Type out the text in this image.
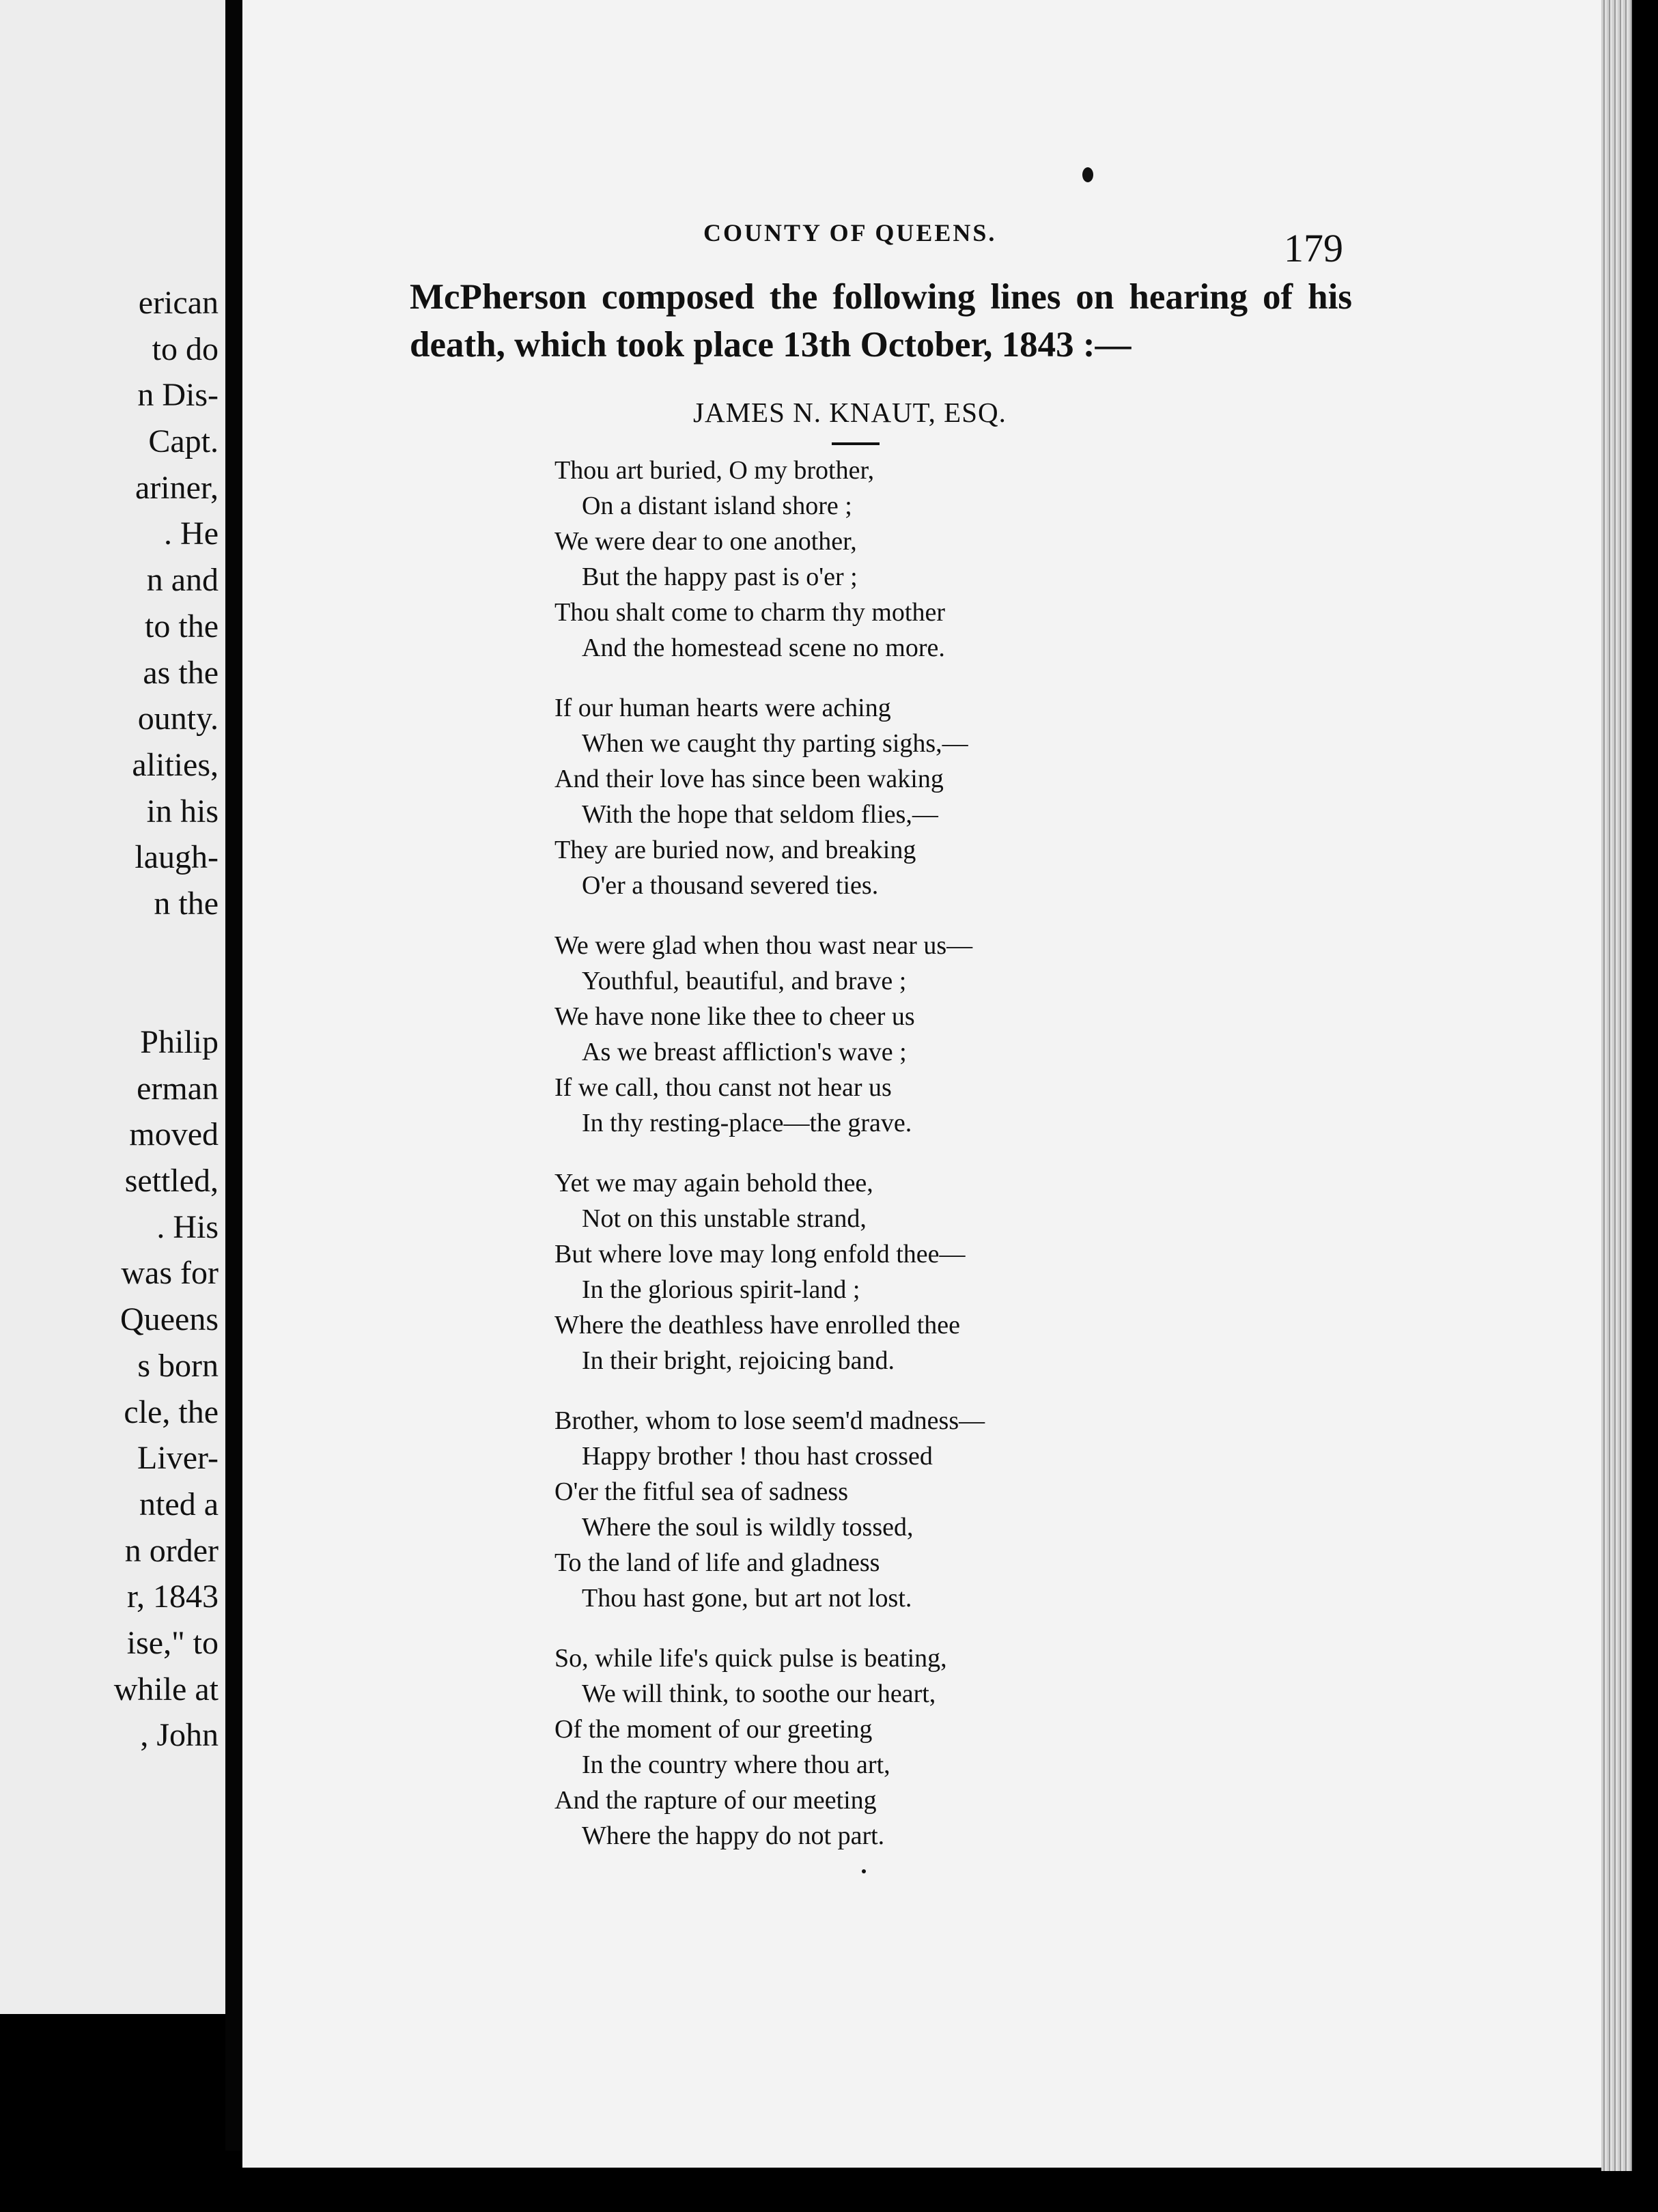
erican
to do
n Dis-
Capt.
ariner,
. He
n and
to the
as the
ounty.
alities,
in his
laugh-
n the
Philip
erman
moved
settled,
. His
was for
Queens
s born
cle, the
Liver-
nted a
n order
r, 1843
ise," to
while at
, John
COUNTY OF QUEENS.	179
McPherson composed the following lines on hearing of his death, which took place 13th October, 1843 :—
JAMES N. KNAUT, ESQ.
Thou art buried, O my brother,
On a distant island shore ;
We were dear to one another,
But the happy past is o'er ;
Thou shalt come to charm thy mother
And the homestead scene no more.
If our human hearts were aching
When we caught thy parting sighs,—
And their love has since been waking
With the hope that seldom flies,—
They are buried now, and breaking
O'er a thousand severed ties.
We were glad when thou wast near us—
Youthful, beautiful, and brave ;
We have none like thee to cheer us
As we breast affliction's wave ;
If we call, thou canst not hear us
In thy resting-place—the grave.
Yet we may again behold thee,
Not on this unstable strand,
But where love may long enfold thee—
In the glorious spirit-land ;
Where the deathless have enrolled thee
In their bright, rejoicing band.
Brother, whom to lose seem'd madness—
Happy brother ! thou hast crossed
O'er the fitful sea of sadness
Where the soul is wildly tossed,
To the land of life and gladness
Thou hast gone, but art not lost.
So, while life's quick pulse is beating,
We will think, to soothe our heart,
Of the moment of our greeting
In the country where thou art,
And the rapture of our meeting
Where the happy do not part.
